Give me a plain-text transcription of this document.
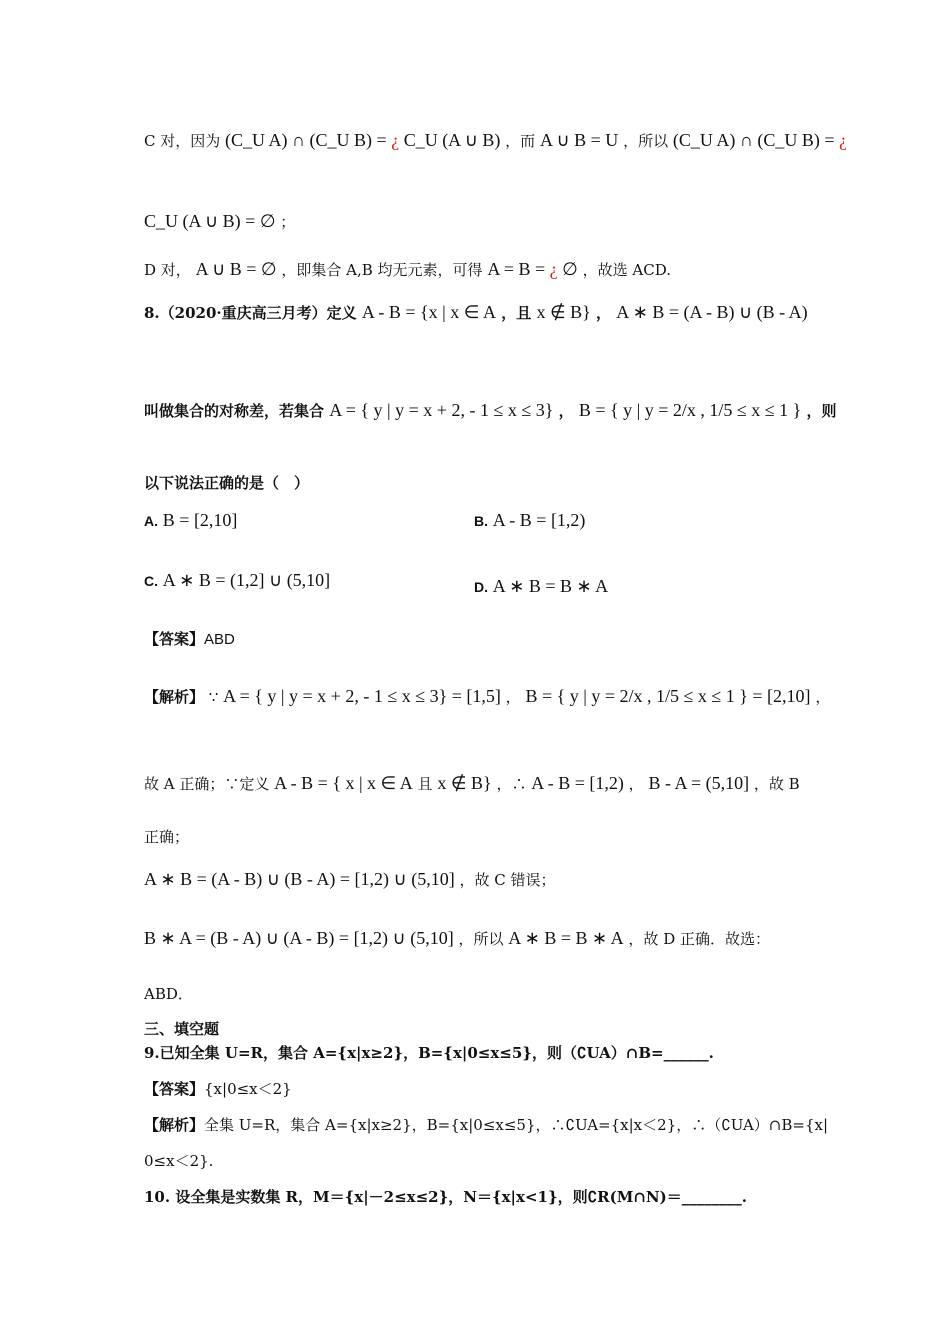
C 对，因为 (C_U A) ∩ (C_U B) = ¿ C_U (A ∪ B) ，而 A ∪ B = U ，所以 (C_U A) ∩ (C_U B) = ¿
C_U (A ∪ B) = ∅ ；
D 对， A ∪ B = ∅ ，即集合 A,B 均无元素，可得 A = B = ¿ ∅ ，故选 ACD.
8.（2020·重庆高三月考）定义 A - B = {x | x ∈ A ，且 x ∉ B} ， A ∗ B = (A - B) ∪ (B - A)
叫做集合的对称差，若集合 A = { y | y = x + 2, - 1 ≤ x ≤ 3} ， B = { y | y = 2/x , 1/5 ≤ x ≤ 1 } ，则
以下说法正确的是（　）
A. B = [2,10]	B. A - B = [1,2)
C. A ∗ B = (1,2] ∪ (5,10]	D. A ∗ B = B ∗ A
【答案】ABD
【解析】 ∵ A = { y | y = x + 2, - 1 ≤ x ≤ 3} = [1,5] ， B = { y | y = 2/x , 1/5 ≤ x ≤ 1 } = [2,10] ，
故 A 正确；∵定义 A - B = { x | x ∈ A 且 x ∉ B} ，∴ A - B = [1,2) ， B - A = (5,10] ，故 B
正确；
A ∗ B = (A - B) ∪ (B - A) = [1,2) ∪ (5,10] ，故 C 错误；
B ∗ A = (B - A) ∪ (A - B) = [1,2) ∪ (5,10] ，所以 A ∗ B = B ∗ A ，故 D 正确．故选：
ABD．
三、填空题
9.已知全集 U=R，集合 A={x|x≥2}，B={x|0≤x≤5}，则（∁UA）∩B=______.
【答案】{x|0≤x＜2}
【解析】全集 U=R，集合 A={x|x≥2}，B={x|0≤x≤5}，∴∁UA={x|x＜2}，∴（∁UA）∩B={x|
0≤x＜2}.
10. 设全集是实数集 R，M＝{x|－2≤x≤2}，N＝{x|x<1}，则∁R(M∩N)＝________.
